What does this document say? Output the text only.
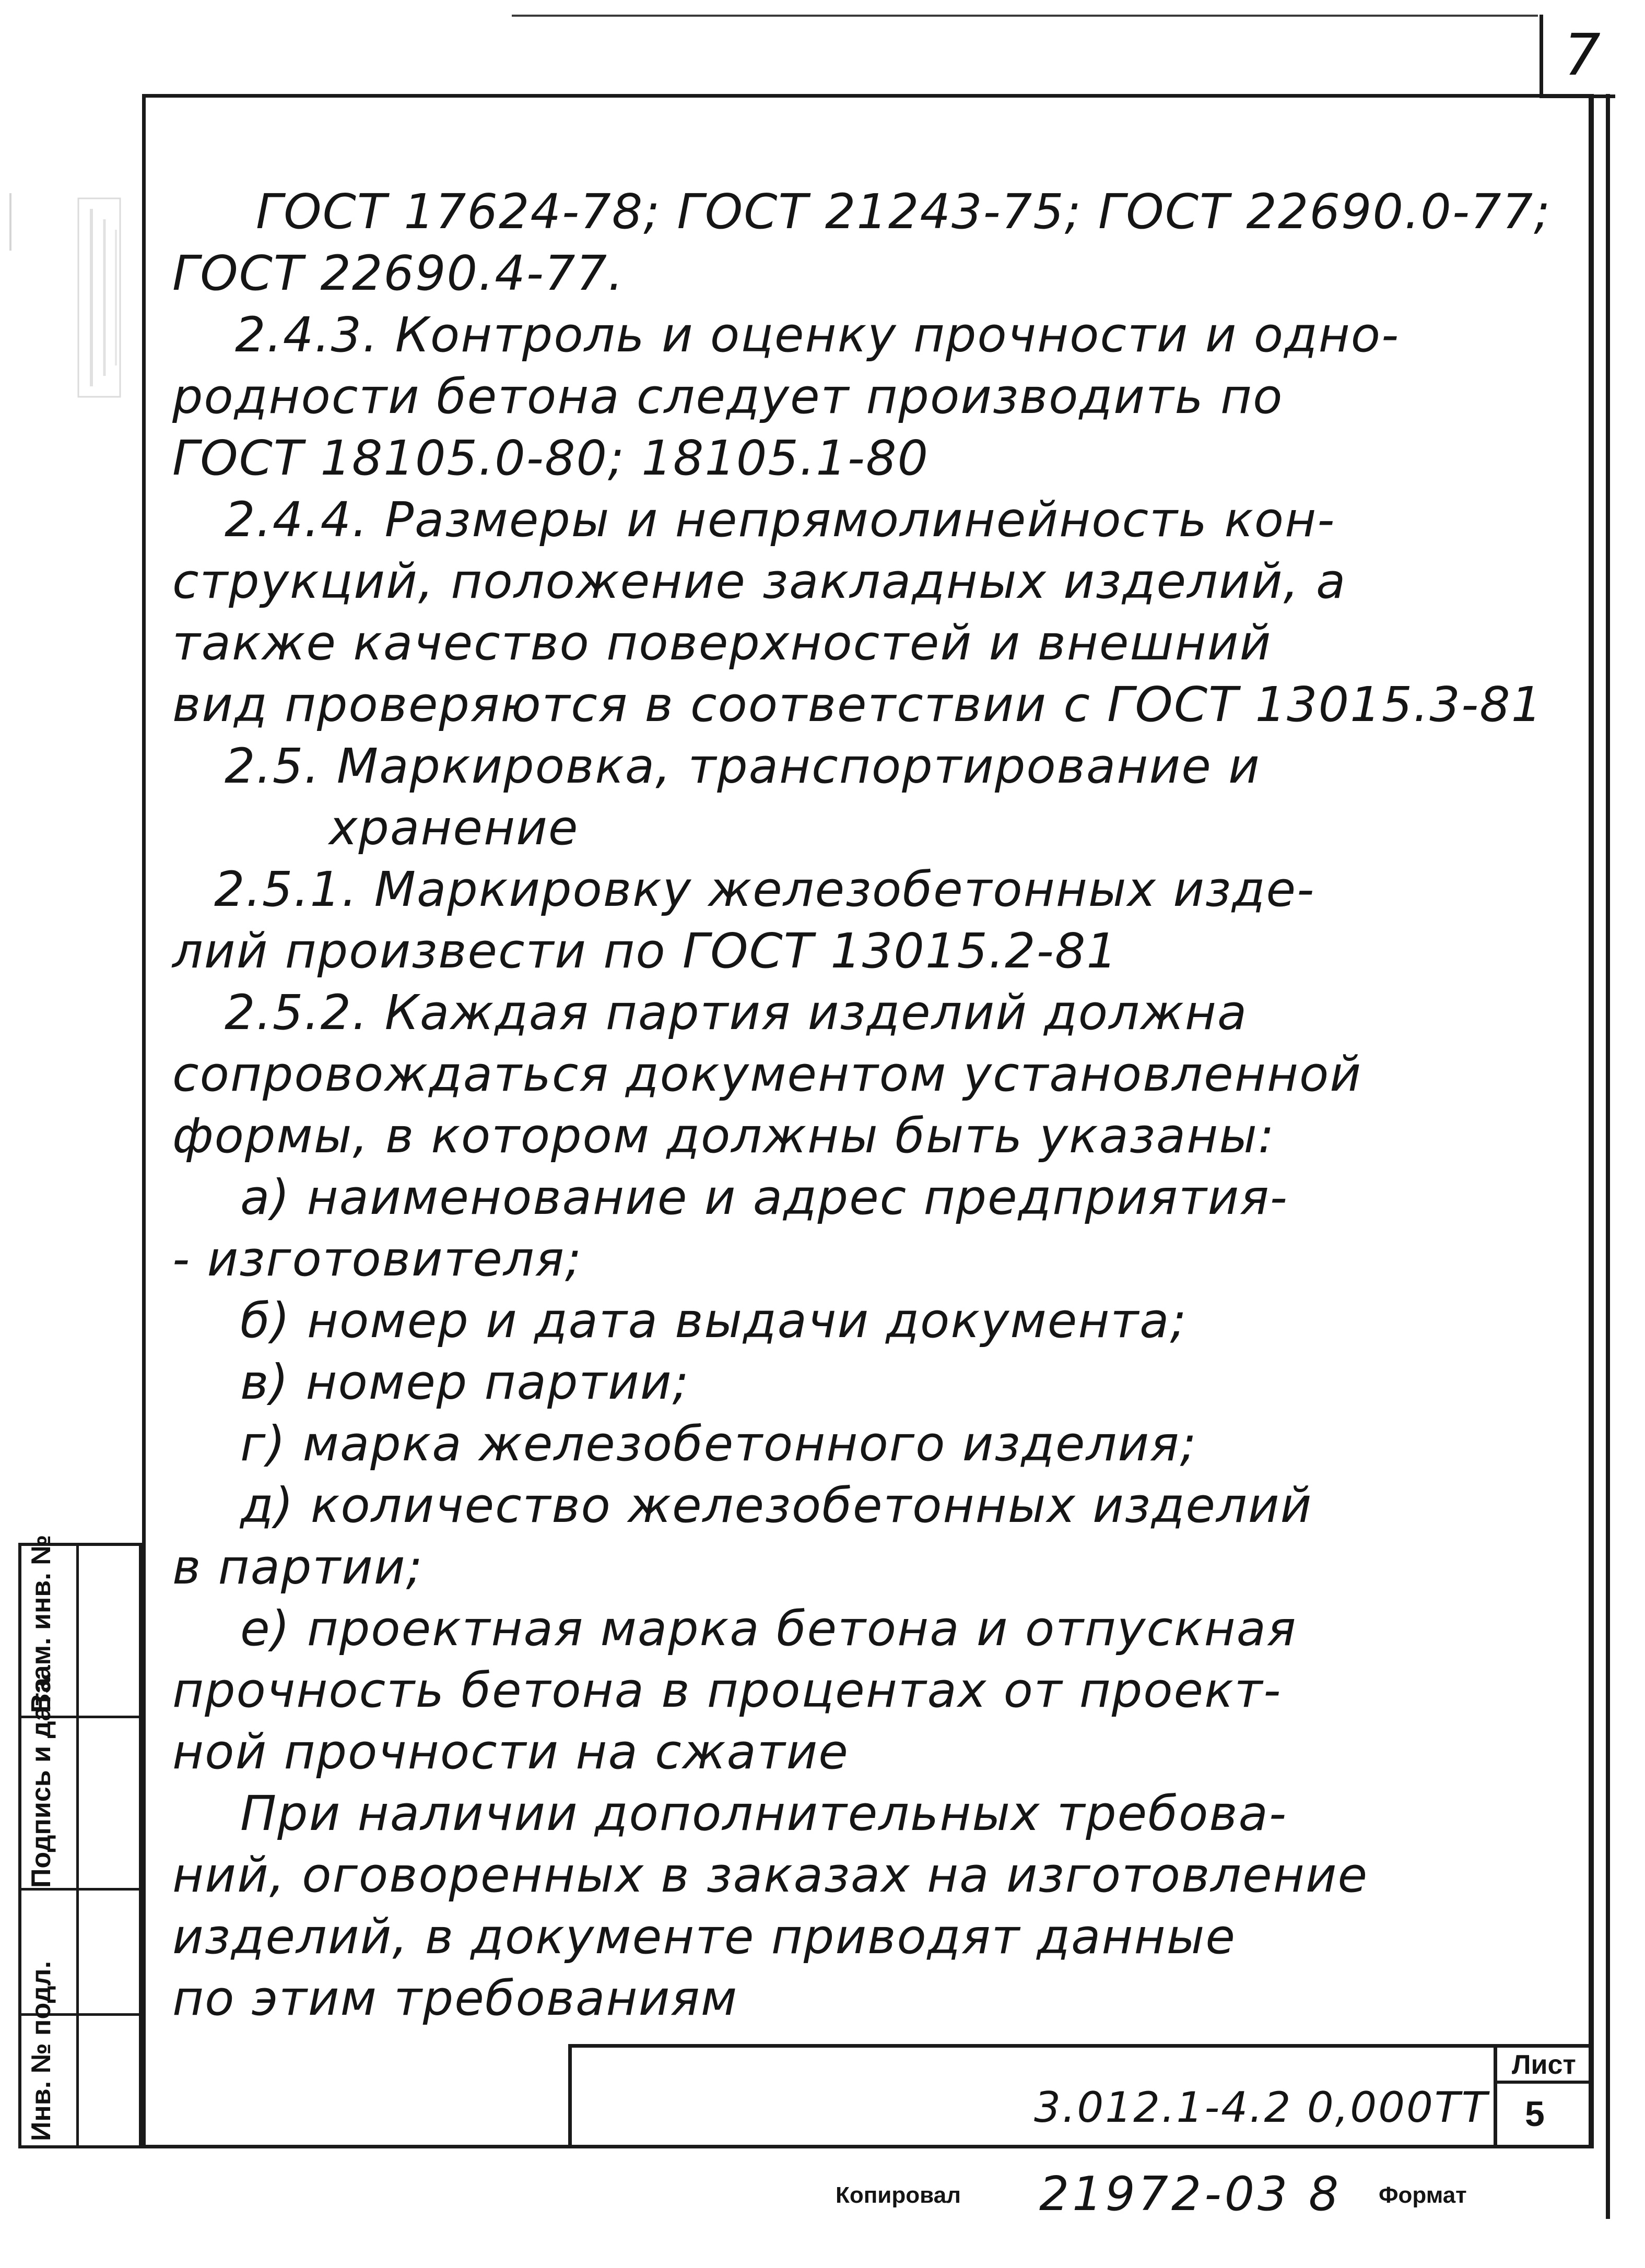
7
Взам. инв. №
Подпись и дата
Инв. № подл.
ГОСТ 17624-78; ГОСТ 21243-75; ГОСТ 22690.0-77;
ГОСТ 22690.4-77.
2.4.3. Контроль и оценку прочности и одно-
родности бетона следует производить по
ГОСТ 18105.0-80; 18105.1-80
2.4.4. Размеры и непрямолинейность кон-
струкций, положение закладных изделий, а
также качество поверхностей и внешний
вид проверяются в соответствии с ГОСТ 13015.3-81
2.5. Маркировка, транспортирование и
хранение
2.5.1. Маркировку железобетонных изде-
лий произвести по ГОСТ 13015.2-81
2.5.2. Каждая партия изделий должна
сопровождаться документом установленной
формы, в котором должны быть указаны:
а) наименование и адрес предприятия-
- изготовителя;
б) номер и дата выдачи документа;
в) номер партии;
г) марка железобетонного изделия;
д) количество железобетонных изделий
в партии;
е) проектная марка бетона и отпускная
прочность бетона в процентах от проект-
ной прочности на сжатие
При наличии дополнительных требова-
ний, оговоренных в заказах на изготовление
изделий, в документе приводят данные
по этим требованиям
Лист
5
3.012.1-4.2 0,000ТТ
Копировал 21972-03 8 Формат
